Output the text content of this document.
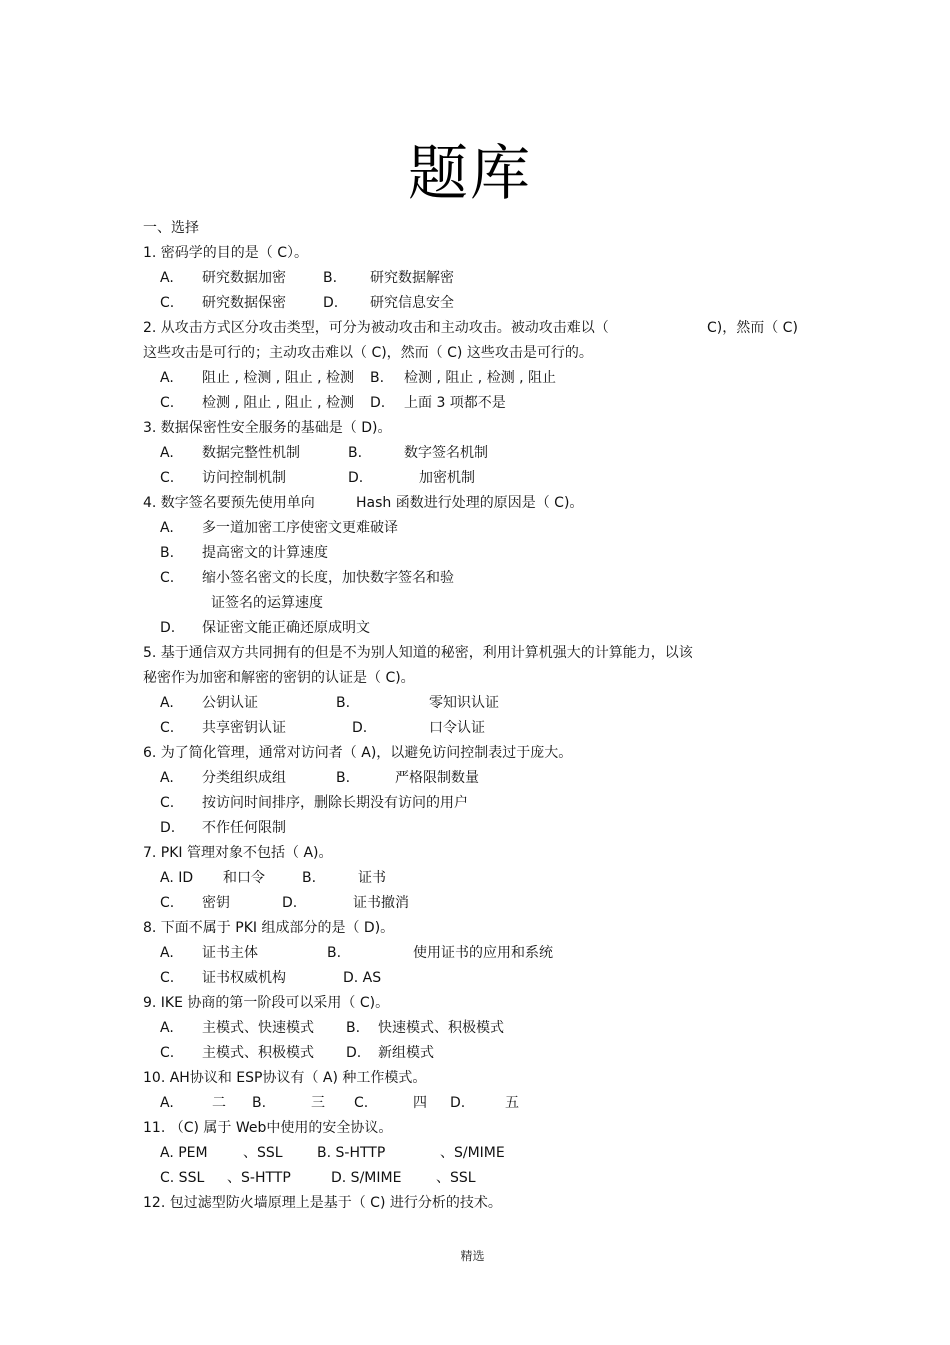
题库
一、选择
1. 密码学的目的是（ C）。
A. 研究数据加密	B. 研究数据解密
C. 研究数据保密	D. 研究信息安全
2. 从攻击方式区分攻击类型，可分为被动攻击和主动攻击。被动攻击难以（	C)，然而（ C)
这些攻击是可行的；主动攻击难以（ C)，然而（ C) 这些攻击是可行的。
A. 阻止 , 检测 , 阻止 , 检测 B. 检测 , 阻止 , 检测 , 阻止
C. 检测 , 阻止 , 阻止 , 检测 D. 上面 3 项都不是
3. 数据保密性安全服务的基础是（ D)。
A. 数据完整性机制	B.	数字签名机制
C. 访问控制机制	D.	加密机制
4. 数字签名要预先使用单向	Hash 函数进行处理的原因是（ C)。
A. 多一道加密工序使密文更难破译
B. 提高密文的计算速度
C. 缩小签名密文的长度，加快数字签名和验
证签名的运算速度
D. 保证密文能正确还原成明文
5. 基于通信双方共同拥有的但是不为别人知道的秘密，利用计算机强大的计算能力，以该
秘密作为加密和解密的密钥的认证是（ C)。
A. 公钥认证	B.	零知识认证
C. 共享密钥认证	D.	口令认证
6. 为了简化管理，通常对访问者（ A)，以避免访问控制表过于庞大。
A. 分类组织成组	B.	严格限制数量
C. 按访问时间排序，删除长期没有访问的用户
D. 不作任何限制
7. PKI 管理对象不包括（ A)。
A. ID 和口令	B.	证书
C. 密钥	D.	证书撤消
8. 下面不属于 PKI 组成部分的是（ D)。
A. 证书主体	B.	使用证书的应用和系统
C. 证书权威机构	D. AS
9. IKE 协商的第一阶段可以采用（ C)。
A. 主模式、快速模式 B. 快速模式、积极模式
C. 主模式、积极模式 D. 新组模式
10. AH协议和 ESP协议有（ A) 种工作模式。
A.	二 B.	三 C.	四 D.	五
11. （C) 属于 Web中使用的安全协议。
A. PEM	、SSL B. S-HTTP	、S/MIME
C. SSL 、S-HTTP	D. S/MIME 、SSL
12. 包过滤型防火墙原理上是基于（ C) 进行分析的技术。
精选
